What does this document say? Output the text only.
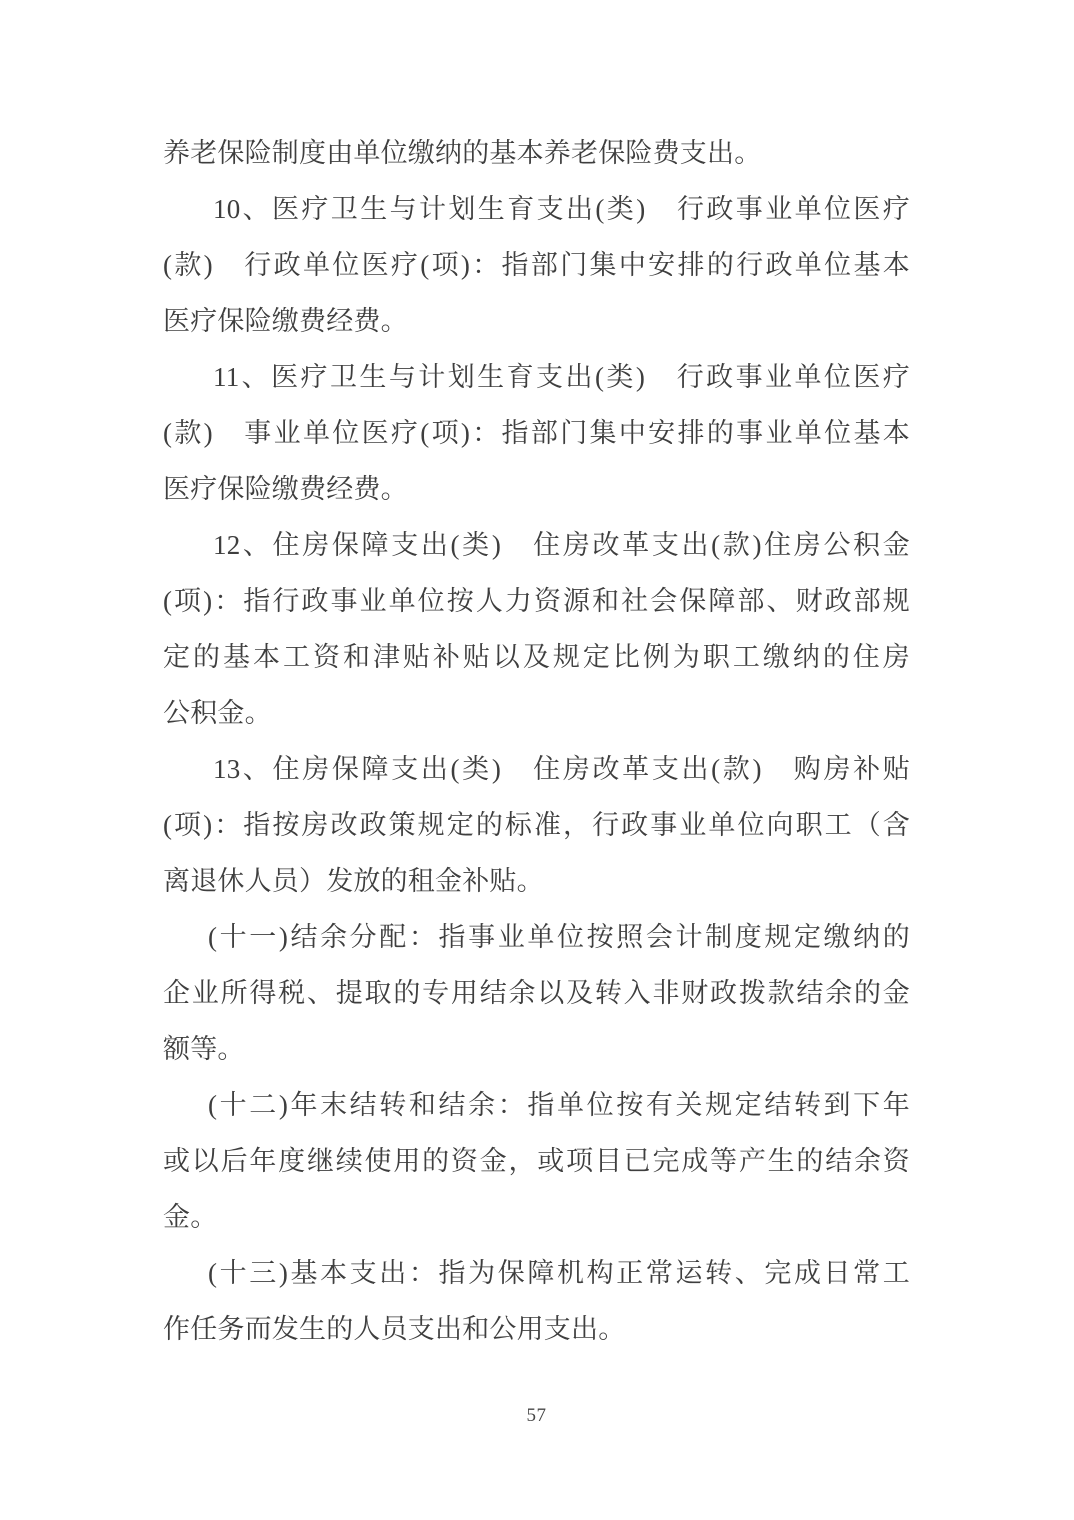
养老保险制度由单位缴纳的基本养老保险费支出。
10、医疗卫生与计划生育支出(类)　行政事业单位医疗
(款)　行政单位医疗(项)：指部门集中安排的行政单位基本
医疗保险缴费经费。
11、医疗卫生与计划生育支出(类)　行政事业单位医疗
(款)　事业单位医疗(项)：指部门集中安排的事业单位基本
医疗保险缴费经费。
12、住房保障支出(类)　住房改革支出(款)住房公积金
(项)：指行政事业单位按人力资源和社会保障部、财政部规
定的基本工资和津贴补贴以及规定比例为职工缴纳的住房
公积金。
13、住房保障支出(类)　住房改革支出(款)　购房补贴
(项)：指按房改政策规定的标准，行政事业单位向职工（含
离退休人员）发放的租金补贴。
(十一)结余分配：指事业单位按照会计制度规定缴纳的
企业所得税、提取的专用结余以及转入非财政拨款结余的金
额等。
(十二)年末结转和结余：指单位按有关规定结转到下年
或以后年度继续使用的资金，或项目已完成等产生的结余资
金。
(十三)基本支出：指为保障机构正常运转、完成日常工
作任务而发生的人员支出和公用支出。
57
